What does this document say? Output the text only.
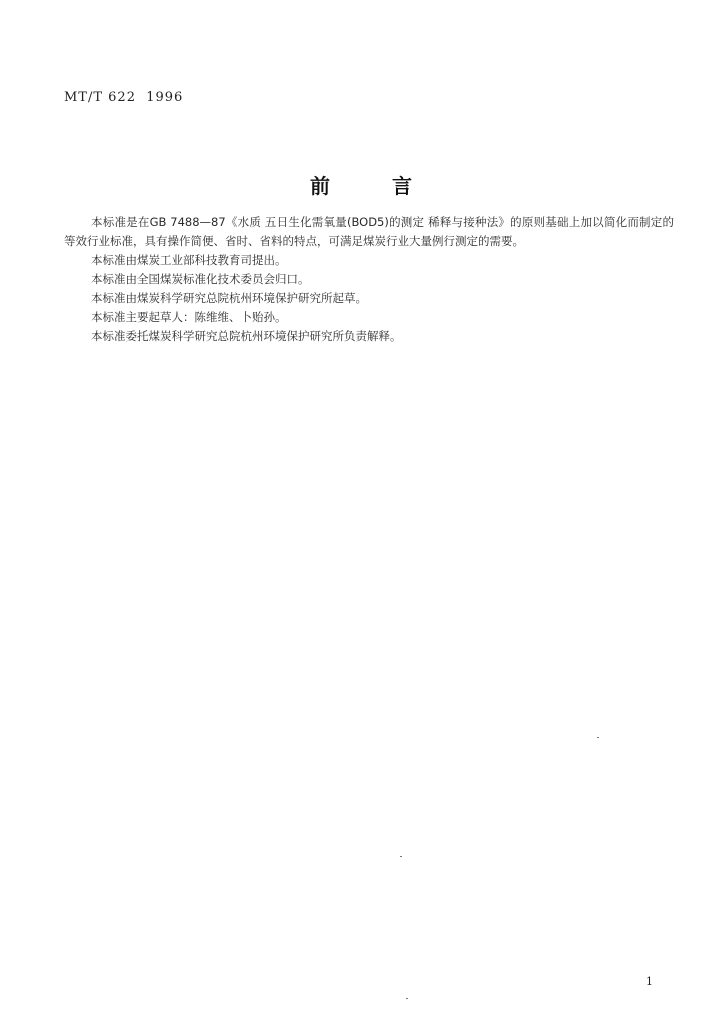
MT/T 622  1996
前言

本标准是在GB 7488—87《水质 五日生化需氧量(BOD5)的测定 稀释与接种法》的原则基础上加以简化而制定的等效行业标准，具有操作简便、省时、省料的特点，可满足煤炭行业大量例行测定的需要。

本标准由煤炭工业部科技教育司提出。

本标准由全国煤炭标准化技术委员会归口。

本标准由煤炭科学研究总院杭州环境保护研究所起草。

本标准主要起草人：陈维维、卜贻孙。

本标准委托煤炭科学研究总院杭州环境保护研究所负责解释。

1
